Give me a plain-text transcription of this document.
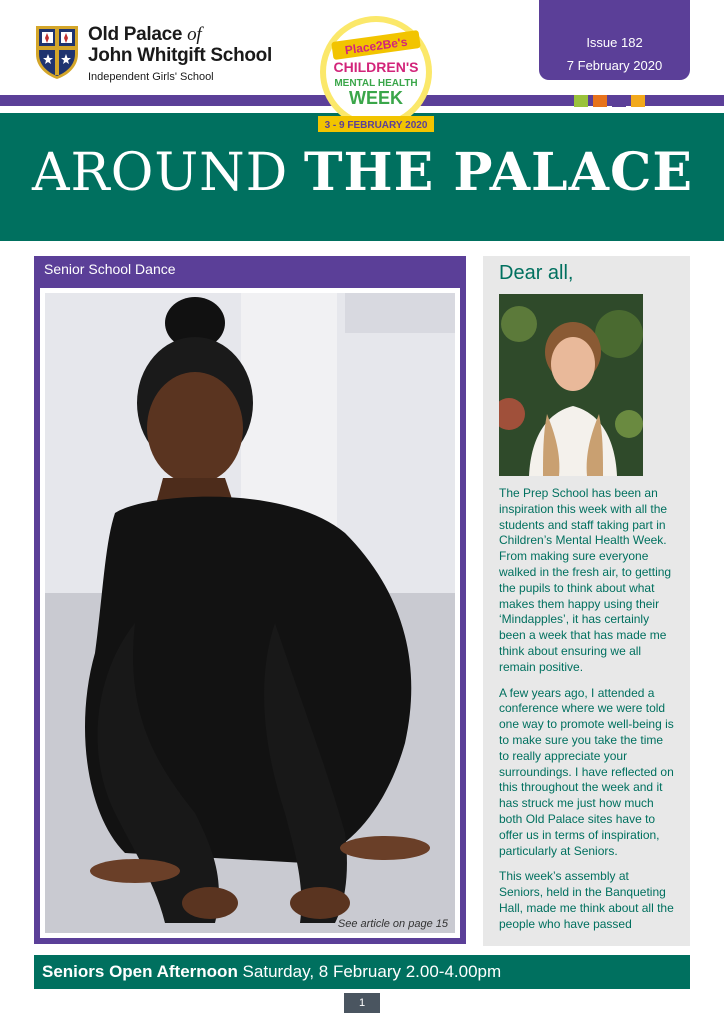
Old Palace of
John Whitgift School
Independent Girls' School
Issue 182
7 February 2020
AROUND THE PALACE
Place2Be's
CHILDREN'S
MENTAL HEALTH
WEEK
3 - 9 FEBRUARY 2020
Senior School Dance
See article on page 15
Dear all,

The Prep School has been an inspiration this week with all the students and staff taking part in Children’s Mental Health Week. From making sure everyone walked in the fresh air, to getting the pupils to think about what makes them happy using their ‘Mindapples’, it has certainly been a week that has made me think about ensuring we all remain positive.

A few years ago, I attended a conference where we were told one way to promote well-being is to make sure you take the time to really appreciate your surroundings. I have reflected on this throughout the week and it has struck me just how much both Old Palace sites have to offer us in terms of inspiration, particularly at Seniors.

This week’s assembly at Seniors, held in the Banqueting Hall, made me think about all the people who have passed

Seniors Open Afternoon Saturday, 8 February 2.00-4.00pm
1
